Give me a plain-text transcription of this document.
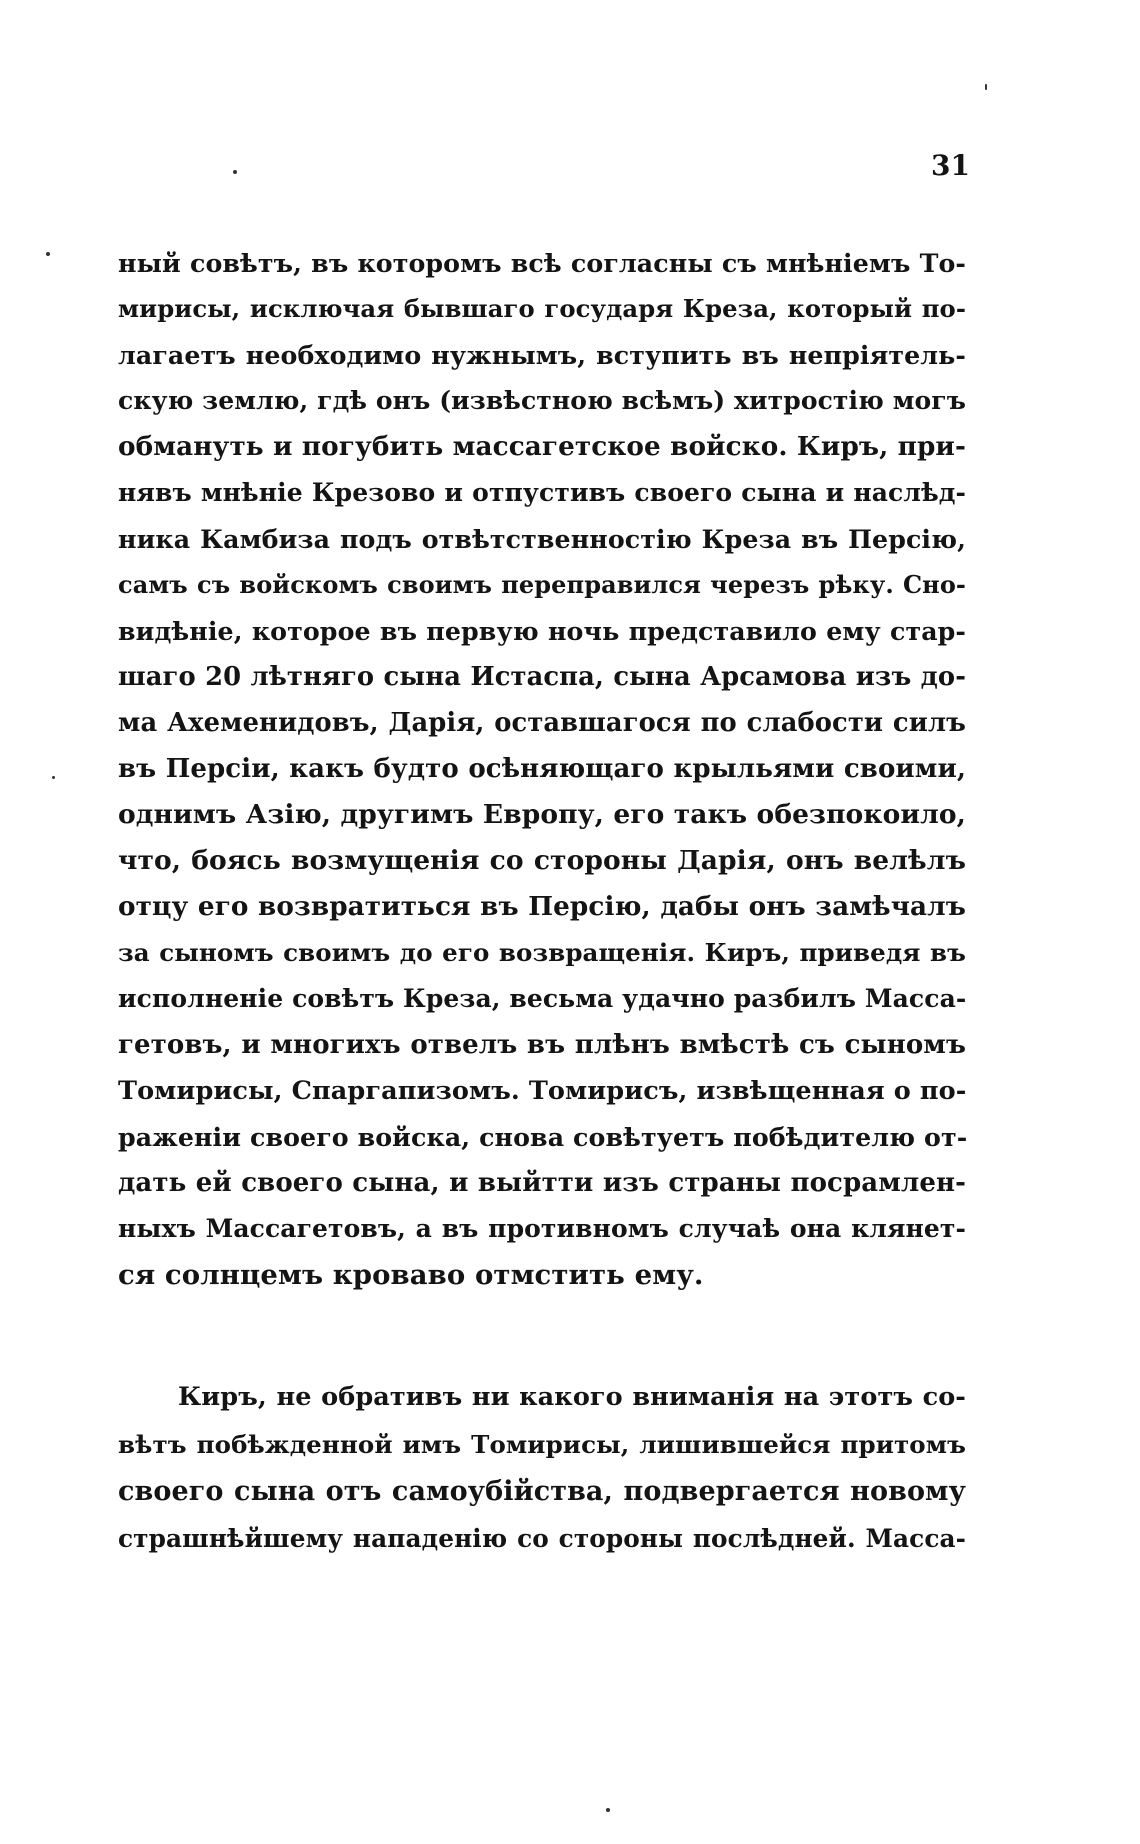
31
ный совѣтъ, въ которомъ всѣ согласны съ мнѣніемъ То-
мирисы, исключая бывшаго государя Креза, который по-
лагаетъ необходимо нужнымъ, вступить въ непріятель-
скую землю, гдѣ онъ (извѣстною всѣмъ) хитростію могъ
обмануть и погубить массагетское войско. Киръ, при-
нявъ мнѣніе Крезово и отпустивъ своего сына и наслѣд-
ника Камбиза подъ отвѣтственностію Креза въ Персію,
самъ съ войскомъ своимъ переправился черезъ рѣку. Сно-
видѣніе, которое въ первую ночь представило ему стар-
шаго 20 лѣтняго сына Истаспа, сына Арсамова изъ до-
ма Ахеменидовъ, Дарія, оставшагося по слабости силъ
въ Персіи, какъ будто осѣняющаго крыльями своими,
однимъ Азію, другимъ Европу, его такъ обезпокоило,
что, боясь возмущенія со стороны Дарія, онъ велѣлъ
отцу его возвратиться въ Персію, дабы онъ замѣчалъ
за сыномъ своимъ до его возвращенія. Киръ, приведя въ
исполненіе совѣтъ Креза, весьма удачно разбилъ Масса-
гетовъ, и многихъ отвелъ въ плѣнъ вмѣстѣ съ сыномъ
Томирисы, Спаргапизомъ. Томирисъ, извѣщенная о по-
раженіи своего войска, снова совѣтуетъ побѣдителю от-
дать ей своего сына, и выйтти изъ страны посрамлен-
ныхъ Массагетовъ, а въ противномъ случаѣ она клянет-
ся солнцемъ кроваво отмстить ему.
Киръ, не обративъ ни какого вниманія на этотъ со-
вѣтъ побѣжденной имъ Томирисы, лишившейся притомъ
своего сына отъ самоубійства, подвергается новому
страшнѣйшему нападенію со стороны послѣдней. Масса-
